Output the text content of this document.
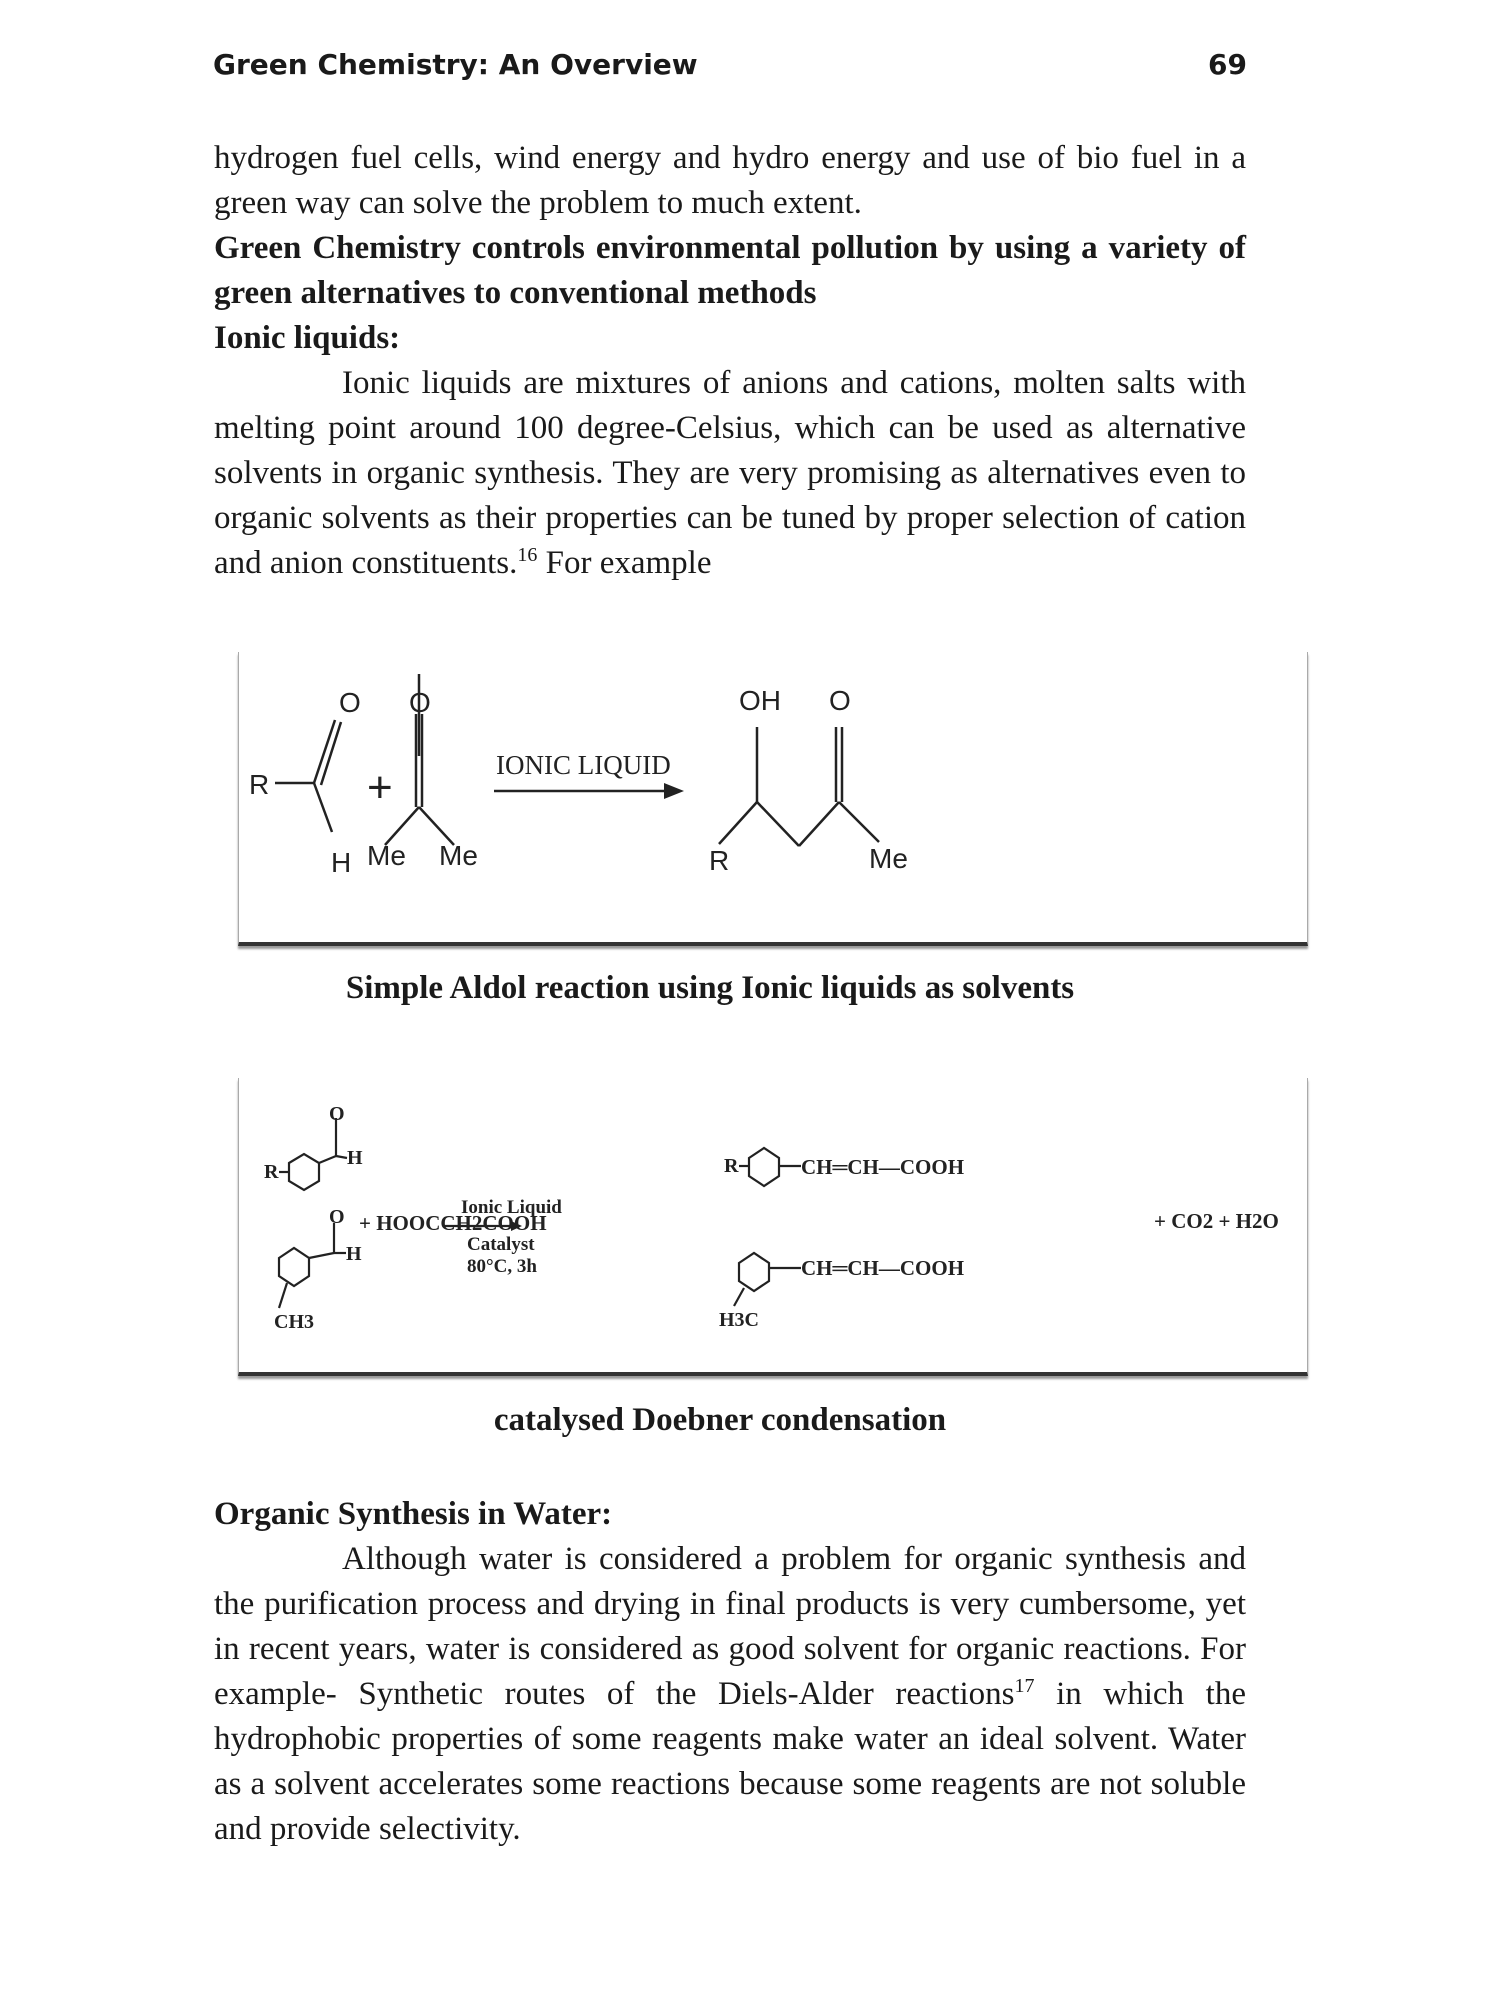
Green Chemistry: An Overview	69
hydrogen fuel cells, wind energy and hydro energy and use of bio fuel in a green way can solve the problem to much extent.
Green Chemistry controls environmental pollution by using a variety of green alternatives to conventional methods
Ionic liquids:
Ionic liquids are mixtures of anions and cations, molten salts with melting point around 100 degree-Celsius, which can be used as alternative solvents in organic synthesis. They are very promising as alternatives even to organic solvents as their properties can be tuned by proper selection of cation and anion constituents.$^{16}$ For example
O
R
H
+
O
Me Me
IONIC LIQUID
OH O
R	Me
Simple Aldol reaction using Ionic liquids as solvents
O
R
H
O
H
CH3
+ HOOCCH2COOH
Ionic Liquid
Catalyst
80°C, 3h
R	CH═CH—COOH
CH═CH—COOH
H3C
+ CO2 + H2O
catalysed Doebner condensation
Organic Synthesis in Water:
Although water is considered a problem for organic synthesis and the purification process and drying in final products is very cumbersome, yet in recent years, water is considered as good solvent for organic reactions. For example- Synthetic routes of the Diels-Alder reactions$^{17}$ in which the hydrophobic properties of some reagents make water an ideal solvent. Water as a solvent accelerates some reactions because some reagents are not soluble and provide selectivity.
